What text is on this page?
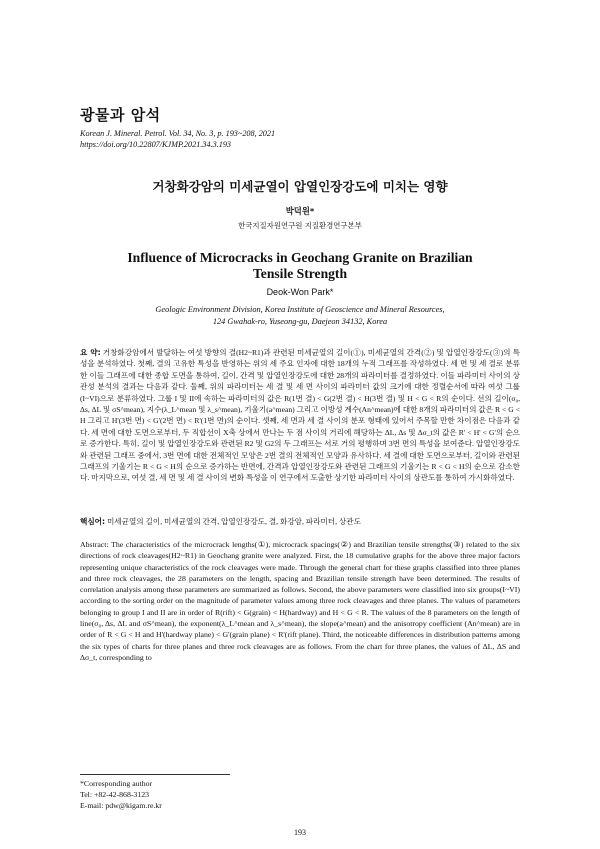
광물과 암석
Korean J. Mineral. Petrol. Vol. 34, No. 3, p. 193~208, 2021
https://doi.org/10.22807/KJMP.2021.34.3.193
거창화강암의 미세균열이 압열인장강도에 미치는 영향
박덕원*
한국지질자원연구원 지질환경연구본부
Influence of Microcracks in Geochang Granite on Brazilian
Tensile Strength
Deok-Won Park*
Geologic Environment Division, Korea Institute of Geoscience and Mineral Resources,
124 Gwahak-ro, Yuseong-gu, Daejeon 34132, Korea
요 약: 거창화강암에서 발달하는 여섯 방향의 결(H2~R1)과 관련된 미세균열의 길이(①), 미세균열의 간격(②) 및 압열인장강도(③)의 특성을 분석하였다. 첫째, 결의 고유한 특성을 반영하는 위의 세 주요 인자에 대한 18개의 누적 그래프를 작성하였다. 세 면 및 세 결로 분류한 이들 그래프에 대한 종합 도면을 통하여, 길이, 간격 및 압열인장강도에 대한 28개의 파라미터를 결정하였다. 이들 파라미터 사이의 상관성 분석의 결과는 다음과 같다. 둘째, 위의 파라미터는 세 결 및 세 면 사이의 파라미터 값의 크기에 대한 정렬순서에 따라 여섯 그룹(I~VI)으로 분류하였다. 그룹 I 및 II에 속하는 파라미터의 값은 R(1번 결) < G(2번 결) < H(3번 결) 및 H < G < R의 순이다. 선의 길이(σ₀, Δs, ΔL 및 σS^mean), 지수(λ_L^mean 및 λ_s^mean), 기울기(a^mean) 그리고 이방성 계수(An^mean)에 대한 8개의 파라미터의 값은 R < G < H 그리고 H'(3번 면) < G'(2번 면) < R'(1번 면)의 순이다. 셋째, 세 면과 세 결 사이의 분포 형태에 있어서 주목할 만한 차이점은 다음과 같다. 세 면에 대한 도면으로부터, 두 직합선이 X축 상에서 만나는 두 점 사이의 거리에 해당하는 ΔL, Δs 및 Δσ_t의 값은 R' < H' < G'의 순으로 증가한다. 특히, 길이 및 압열인장강도와 관련된 R2 및 G2의 두 그래프는 서로 거의 평행하며 3번 면의 특성을 보여준다. 압열인장강도와 관련된 그래프 중에서, 3번 면에 대한 전체적인 모양은 2번 결의 전체적인 모양과 유사하다. 세 결에 대한 도면으로부터, 길이와 관련된 그래프의 기울기는 R < G < H의 순으로 증가하는 반면에, 간격과 압열인장강도와 관련된 그래프의 기울기는 R < G < H의 순으로 감소한다. 마지막으로, 여섯 결, 세 면 및 세 결 사이의 변화 특성을 이 연구에서 도출한 상기한 파라미터 사이의 상관도를 통하여 가시화하였다.
핵심어: 미세균열의 길이, 미세균열의 간격, 압열인장강도, 결, 화강암, 파라미터, 상관도
Abstract: The characteristics of the microcrack lengths(①), microcrack spacings(②) and Brazilian tensile strengths(③) related to the six directions of rock cleavages(H2~R1) in Geochang granite were analyzed. First, the 18 cumulative graphs for the above three major factors representing unique characteristics of the rock cleavages were made. Through the general chart for these graphs classified into three planes and three rock cleavages, the 28 parameters on the length, spacing and Brazilian tensile strength have been determined. The results of correlation analysis among these parameters are summarized as follows. Second, the above parameters were classified into six groups(I~VI) according to the sorting order on the magnitude of parameter values among three rock cleavages and three planes. The values of parameters belonging to group I and II are in order of R(rift) < G(grain) < H(hardway) and H < G < R. The values of the 8 parameters on the length of line(σ₀, Δs, ΔL and σS^mean), the exponent(λ_L^mean and λ_s^mean), the slope(a^mean) and the anisotropy coefficient (An^mean) are in order of R < G < H and H'(hardway plane) < G'(grain plane) < R'(rift plane). Third, the noticeable differences in distribution patterns among the six types of charts for three planes and three rock cleavages are as follows. From the chart for three planes, the values of ΔL, ΔS and Δσ_t, corresponding to
*Corresponding author
Tel: +82-42-868-3123
E-mail: pdw@kigam.re.kr
193
